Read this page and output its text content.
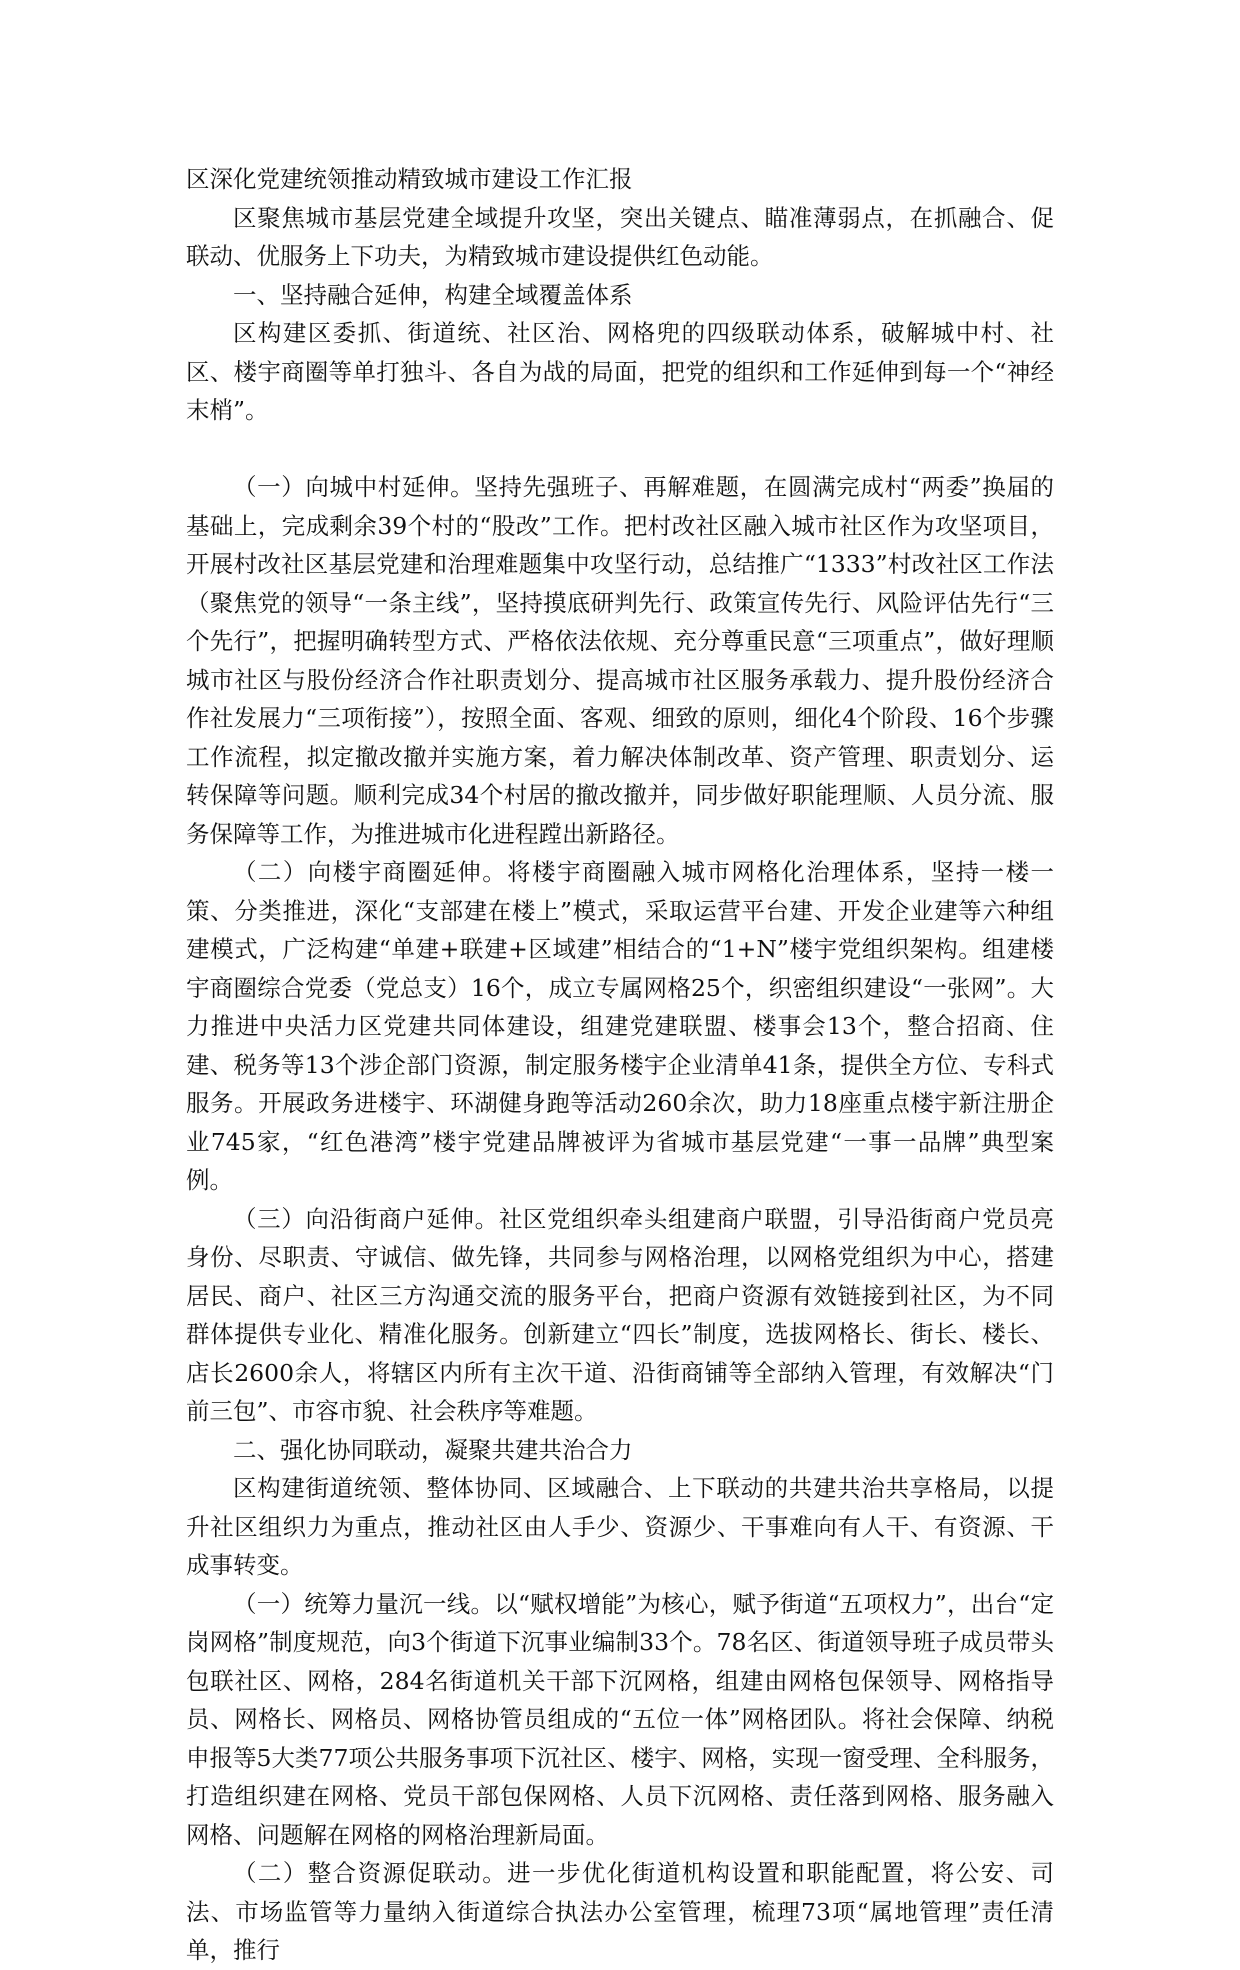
区深化党建统领推动精致城市建设工作汇报

区聚焦城市基层党建全域提升攻坚，突出关键点、瞄准薄弱点，在抓融合、促联动、优服务上下功夫，为精致城市建设提供红色动能。

一、坚持融合延伸，构建全域覆盖体系

区构建区委抓、街道统、社区治、网格兜的四级联动体系，破解城中村、社区、楼宇商圈等单打独斗、各自为战的局面，把党的组织和工作延伸到每一个“神经末梢”。

（一）向城中村延伸。坚持先强班子、再解难题，在圆满完成村“两委”换届的基础上，完成剩余39个村的“股改”工作。把村改社区融入城市社区作为攻坚项目，开展村改社区基层党建和治理难题集中攻坚行动，总结推广“1333”村改社区工作法（聚焦党的领导“一条主线”，坚持摸底研判先行、政策宣传先行、风险评估先行“三个先行”，把握明确转型方式、严格依法依规、充分尊重民意“三项重点”，做好理顺城市社区与股份经济合作社职责划分、提高城市社区服务承载力、提升股份经济合作社发展力“三项衔接”），按照全面、客观、细致的原则，细化4个阶段、16个步骤工作流程，拟定撤改撤并实施方案，着力解决体制改革、资产管理、职责划分、运转保障等问题。顺利完成34个村居的撤改撤并，同步做好职能理顺、人员分流、服务保障等工作，为推进城市化进程蹚出新路径。

（二）向楼宇商圈延伸。将楼宇商圈融入城市网格化治理体系，坚持一楼一策、分类推进，深化“支部建在楼上”模式，采取运营平台建、开发企业建等六种组建模式，广泛构建“单建+联建+区域建”相结合的“1+N”楼宇党组织架构。组建楼宇商圈综合党委（党总支）16个，成立专属网格25个，织密组织建设“一张网”。大力推进中央活力区党建共同体建设，组建党建联盟、楼事会13个，整合招商、住建、税务等13个涉企部门资源，制定服务楼宇企业清单41条，提供全方位、专科式服务。开展政务进楼宇、环湖健身跑等活动260余次，助力18座重点楼宇新注册企业745家，“红色港湾”楼宇党建品牌被评为省城市基层党建“一事一品牌”典型案例。

（三）向沿街商户延伸。社区党组织牵头组建商户联盟，引导沿街商户党员亮身份、尽职责、守诚信、做先锋，共同参与网格治理，以网格党组织为中心，搭建居民、商户、社区三方沟通交流的服务平台，把商户资源有效链接到社区，为不同群体提供专业化、精准化服务。创新建立“四长”制度，选拔网格长、街长、楼长、店长2600余人，将辖区内所有主次干道、沿街商铺等全部纳入管理，有效解决“门前三包”、市容市貌、社会秩序等难题。

二、强化协同联动，凝聚共建共治合力

区构建街道统领、整体协同、区域融合、上下联动的共建共治共享格局，以提升社区组织力为重点，推动社区由人手少、资源少、干事难向有人干、有资源、干成事转变。

（一）统筹力量沉一线。以“赋权增能”为核心，赋予街道“五项权力”，出台“定岗网格”制度规范，向3个街道下沉事业编制33个。78名区、街道领导班子成员带头包联社区、网格，284名街道机关干部下沉网格，组建由网格包保领导、网格指导员、网格长、网格员、网格协管员组成的“五位一体”网格团队。将社会保障、纳税申报等5大类77项公共服务事项下沉社区、楼宇、网格，实现一窗受理、全科服务，打造组织建在网格、党员干部包保网格、人员下沉网格、责任落到网格、服务融入网格、问题解在网格的网格治理新局面。

（二）整合资源促联动。进一步优化街道机构设置和职能配置，将公安、司法、市场监管等力量纳入街道综合执法办公室管理，梳理73项“属地管理”责任清单，推行
